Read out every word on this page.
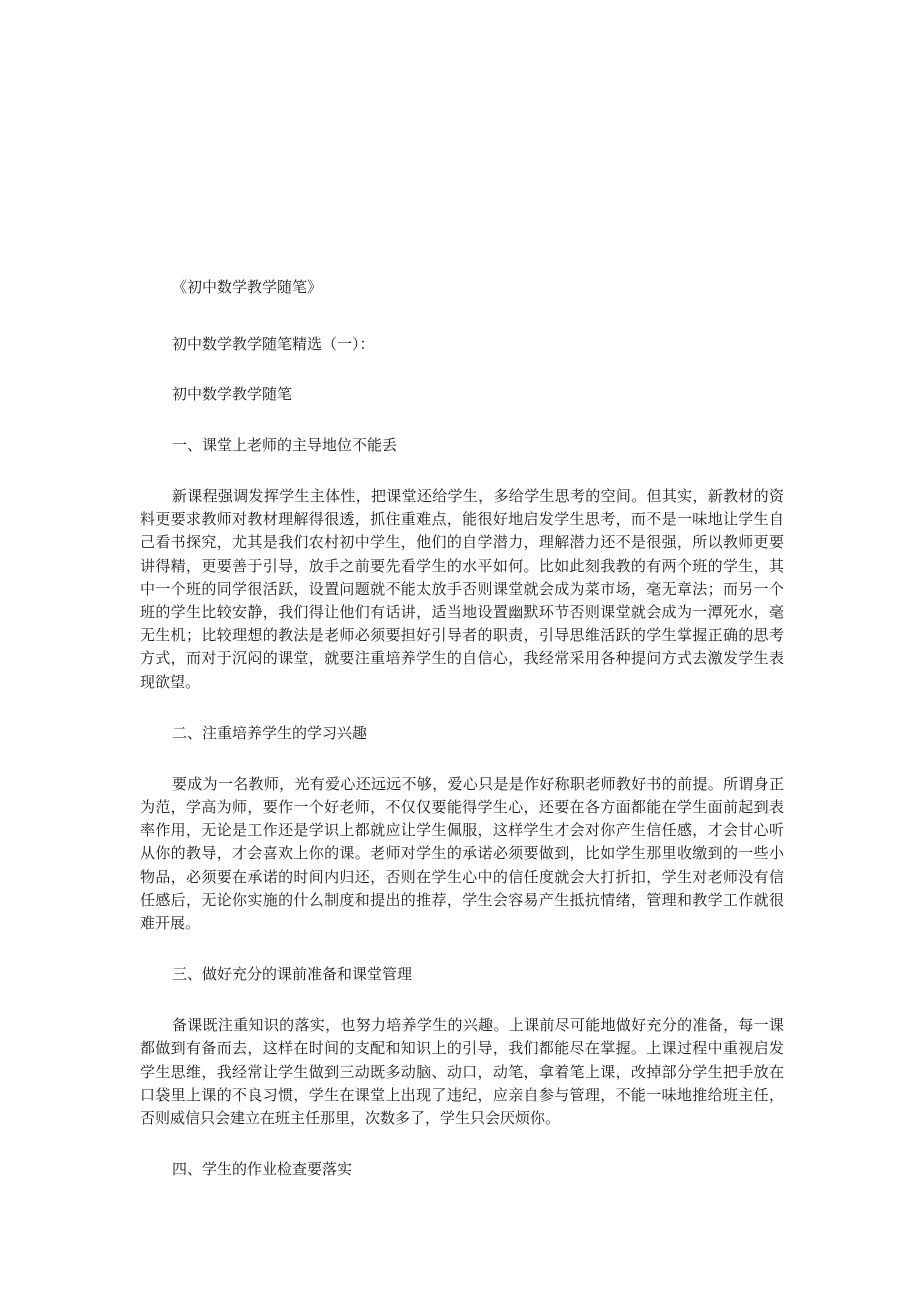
《初中数学教学随笔》

初中数学教学随笔精选（一）：

初中数学教学随笔

一、课堂上老师的主导地位不能丢

新课程强调发挥学生主体性，把课堂还给学生，多给学生思考的空间。但其实，新教材的资料更要求教师对教材理解得很透，抓住重难点，能很好地启发学生思考，而不是一味地让学生自己看书探究，尤其是我们农村初中学生，他们的自学潜力，理解潜力还不是很强，所以教师更要讲得精，更要善于引导，放手之前要先看学生的水平如何。比如此刻我教的有两个班的学生，其中一个班的同学很活跃，设置问题就不能太放手否则课堂就会成为菜市场，毫无章法；而另一个班的学生比较安静，我们得让他们有话讲，适当地设置幽默环节否则课堂就会成为一潭死水，毫无生机；比较理想的教法是老师必须要担好引导者的职责，引导思维活跃的学生掌握正确的思考方式，而对于沉闷的课堂，就要注重培养学生的自信心，我经常采用各种提问方式去激发学生表现欲望。

二、注重培养学生的学习兴趣

要成为一名教师，光有爱心还远远不够，爱心只是是作好称职老师教好书的前提。所谓身正为范，学高为师，要作一个好老师，不仅仅要能得学生心，还要在各方面都能在学生面前起到表率作用，无论是工作还是学识上都就应让学生佩服，这样学生才会对你产生信任感，才会甘心听从你的教导，才会喜欢上你的课。老师对学生的承诺必须要做到，比如学生那里收缴到的一些小物品，必须要在承诺的时间内归还，否则在学生心中的信任度就会大打折扣，学生对老师没有信任感后，无论你实施的什么制度和提出的推荐，学生会容易产生抵抗情绪，管理和教学工作就很难开展。

三、做好充分的课前准备和课堂管理

备课既注重知识的落实，也努力培养学生的兴趣。上课前尽可能地做好充分的准备，每一课都做到有备而去，这样在时间的支配和知识上的引导，我们都能尽在掌握。上课过程中重视启发学生思维，我经常让学生做到三动既多动脑、动口，动笔，拿着笔上课，改掉部分学生把手放在口袋里上课的不良习惯，学生在课堂上出现了违纪，应亲自参与管理，不能一味地推给班主任，否则威信只会建立在班主任那里，次数多了，学生只会厌烦你。

四、学生的作业检查要落实
